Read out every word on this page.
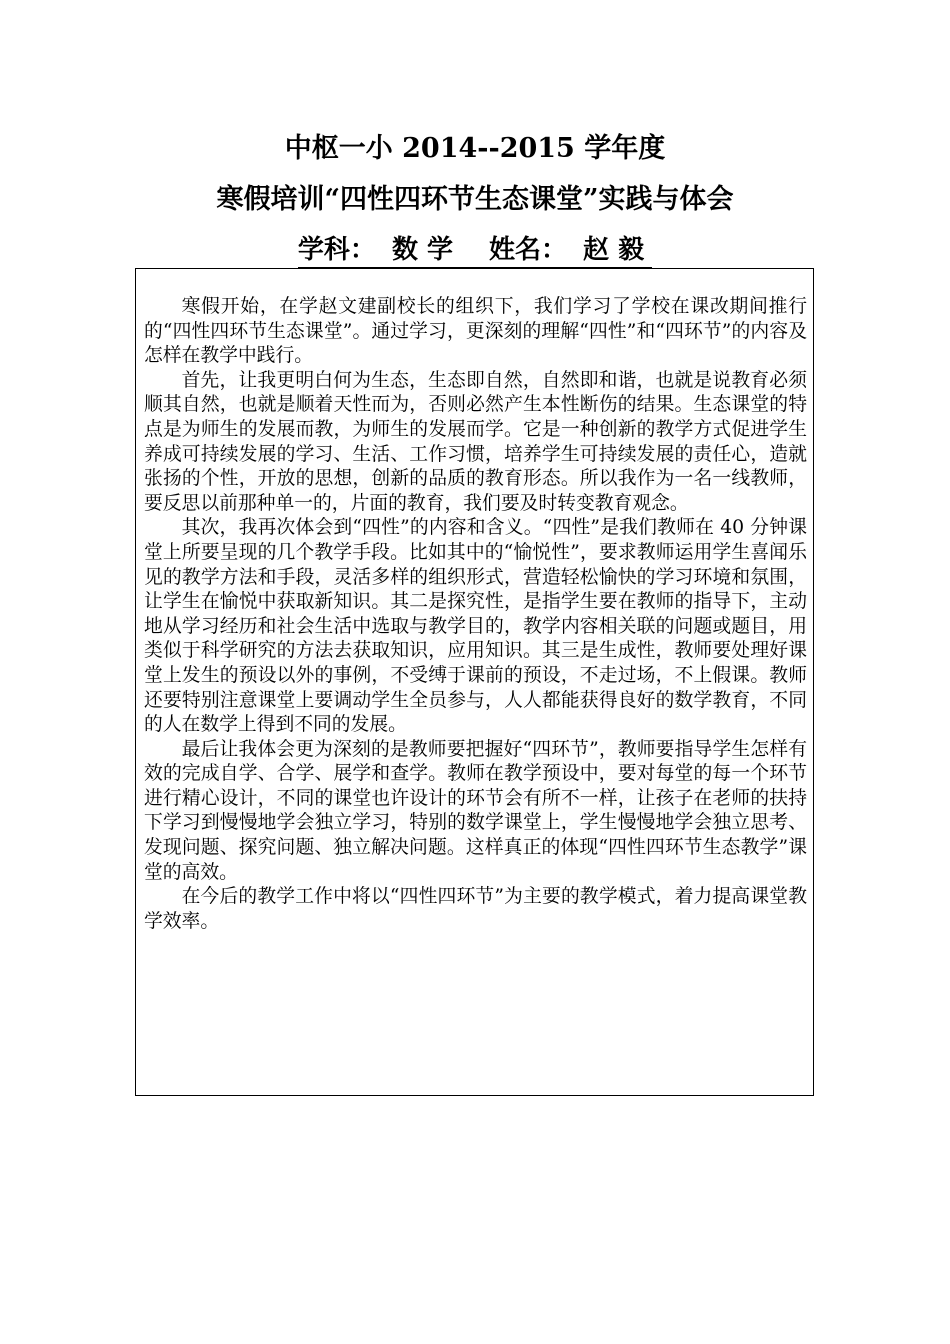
中枢一小 2014--2015 学年度
寒假培训“四性四环节生态课堂”实践与体会
学科： 数 学 姓名： 赵 毅

寒假开始，在学赵文建副校长的组织下，我们学习了学校在课改期间推行的“四性四环节生态课堂”。通过学习，更深刻的理解“四性”和“四环节”的内容及怎样在教学中践行。

首先，让我更明白何为生态，生态即自然，自然即和谐，也就是说教育必须顺其自然，也就是顺着天性而为，否则必然产生本性断伤的结果。生态课堂的特点是为师生的发展而教，为师生的发展而学。它是一种创新的教学方式促进学生养成可持续发展的学习、生活、工作习惯，培养学生可持续发展的责任心，造就张扬的个性，开放的思想，创新的品质的教育形态。所以我作为一名一线教师，要反思以前那种单一的，片面的教育，我们要及时转变教育观念。

其次，我再次体会到“四性”的内容和含义。“四性”是我们教师在 40 分钟课堂上所要呈现的几个教学手段。比如其中的“愉悦性”，要求教师运用学生喜闻乐见的教学方法和手段，灵活多样的组织形式，营造轻松愉快的学习环境和氛围，让学生在愉悦中获取新知识。其二是探究性，是指学生要在教师的指导下，主动地从学习经历和社会生活中选取与教学目的，教学内容相关联的问题或题目，用类似于科学研究的方法去获取知识，应用知识。其三是生成性，教师要处理好课堂上发生的预设以外的事例，不受缚于课前的预设，不走过场，不上假课。教师还要特别注意课堂上要调动学生全员参与，人人都能获得良好的数学教育，不同的人在数学上得到不同的发展。

最后让我体会更为深刻的是教师要把握好“四环节”，教师要指导学生怎样有效的完成自学、合学、展学和查学。教师在教学预设中，要对每堂的每一个环节进行精心设计，不同的课堂也许设计的环节会有所不一样，让孩子在老师的扶持下学习到慢慢地学会独立学习，特别的数学课堂上，学生慢慢地学会独立思考、发现问题、探究问题、独立解决问题。这样真正的体现“四性四环节生态教学”课堂的高效。

在今后的教学工作中将以“四性四环节”为主要的教学模式，着力提高课堂教学效率。
